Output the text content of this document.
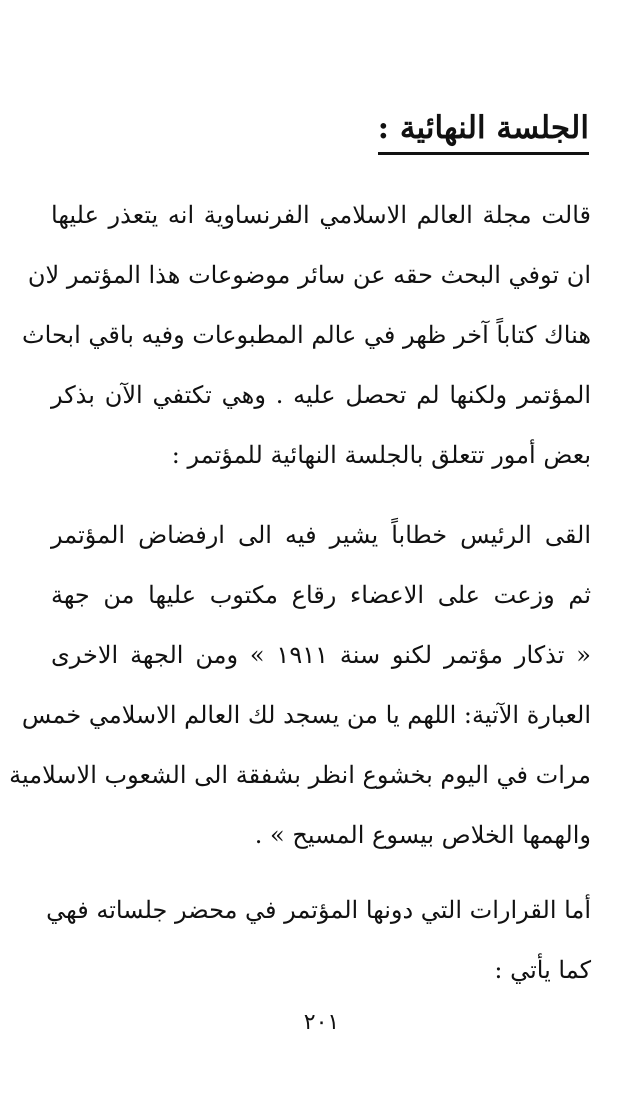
الجلسة النهائية :
قالت مجلة العالم الاسلامي الفرنساوية انه يتعذر عليها
ان توفي البحث حقه عن سائر موضوعات هذا المؤتمر لان
هناك كتاباً آخر ظهر في عالم المطبوعات وفيه باقي ابحاث
المؤتمر ولكنها لم تحصل عليه . وهي تكتفي الآن بذكر
بعض أمور تتعلق بالجلسة النهائية للمؤتمر :
القى الرئيس خطاباً يشير فيه الى ارفضاض المؤتمر
ثم وزعت على الاعضاء رقاع مكتوب عليها من جهة
« تذكار مؤتمر لكنو سنة ١٩١١ » ومن الجهة الاخرى
العبارة الآتية: اللهم يا من يسجد لك العالم الاسلامي خمس
مرات في اليوم بخشوع انظر بشفقة الى الشعوب الاسلامية
والهمها الخلاص بيسوع المسيح » .
أما القرارات التي دونها المؤتمر في محضر جلساته فهي
كما يأتي :
٢٠١
